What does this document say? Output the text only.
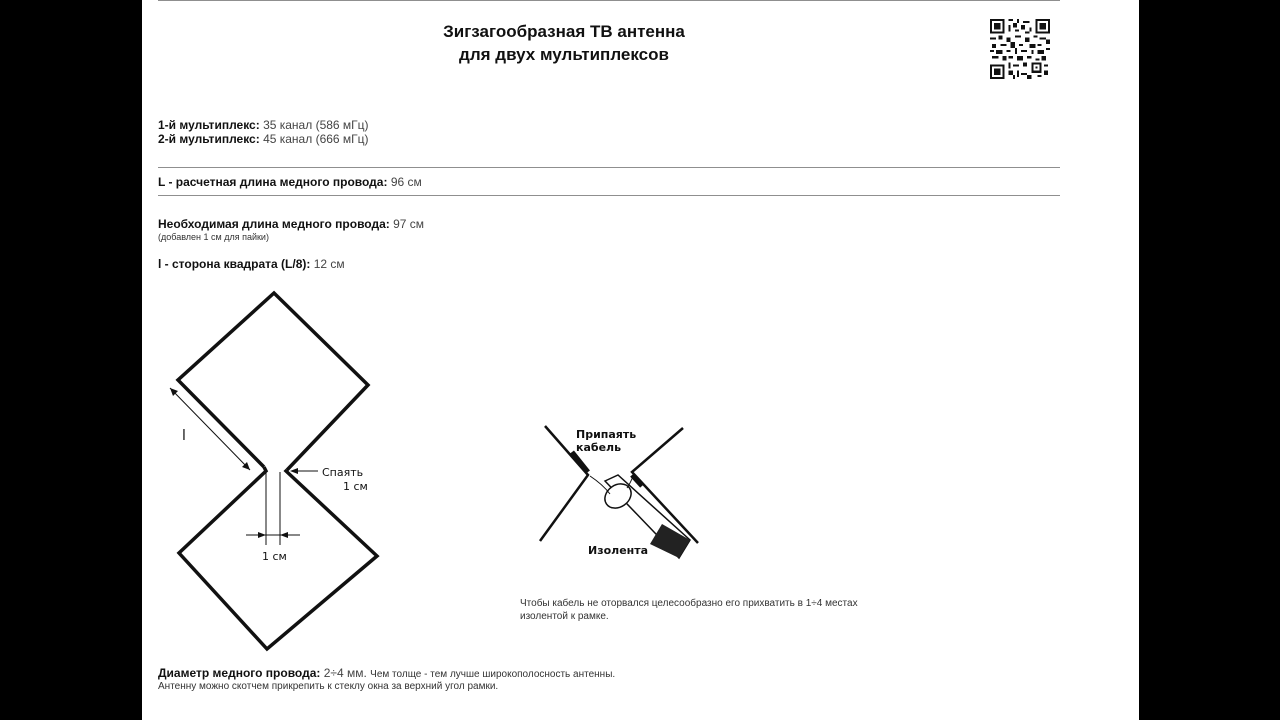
Зигзагообразная ТВ антенна
для двух мультиплексов
1-й мультиплекс: 35 канал (586 мГц)
2-й мультиплекс: 45 канал (666 мГц)
L - расчетная длина медного провода: 96 см
Необходимая длина медного провода: 97 см
(добавлен 1 см для пайки)
l - сторона квадрата (L/8): 12 см
l
Спаять
1 см
1 см
Припаять
кабель
Изолента
Чтобы кабель не оторвался целесообразно его прихватить в 1÷4 местах
изолентой к рамке.
Диаметр медного провода: 2÷4 мм. Чем толще - тем лучше широкополосность антенны.
Антенну можно скотчем прикрепить к стеклу окна за верхний угол рамки.
